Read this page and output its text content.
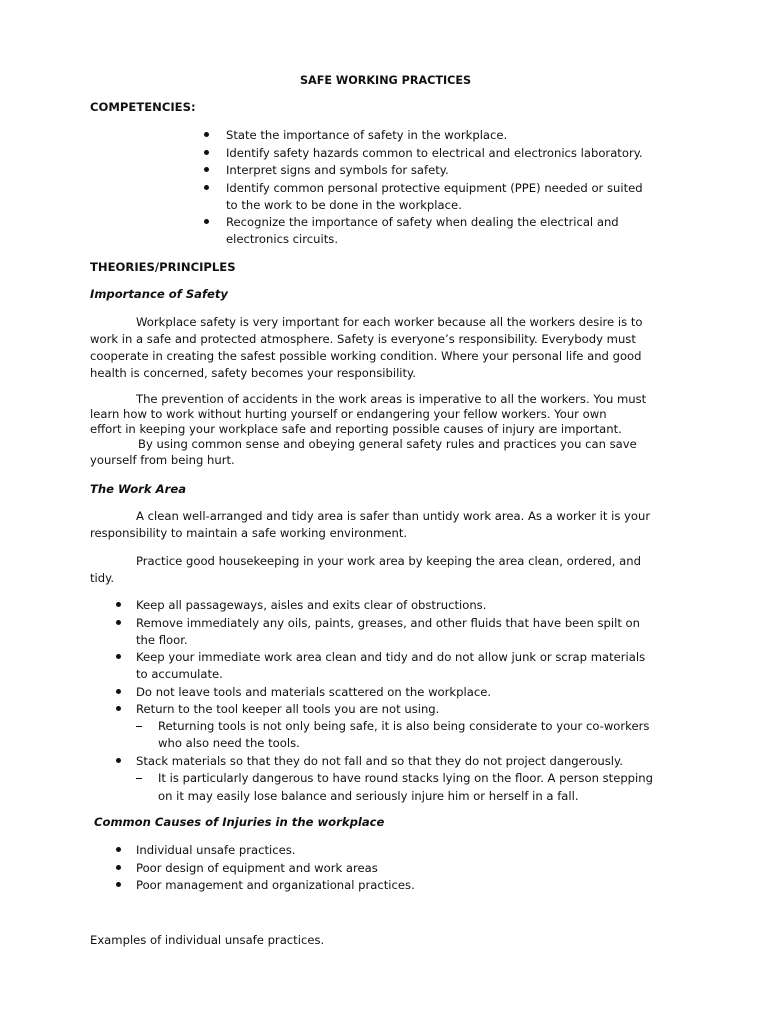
SAFE WORKING PRACTICES
COMPETENCIES:
State the importance of safety in the workplace.
Identify safety hazards common to electrical and electronics laboratory.
Interpret signs and symbols for safety.
Identify common personal protective equipment (PPE) needed or suited
to the work to be done in the workplace.
Recognize the importance of safety when dealing the electrical and
electronics circuits.
THEORIES/PRINCIPLES
Importance of Safety
Workplace safety is very important for each worker because all the workers desire is to
work in a safe and protected atmosphere. Safety is everyone’s responsibility. Everybody must
cooperate in creating the safest possible working condition. Where your personal life and good
health is concerned, safety becomes your responsibility.
The prevention of accidents in the work areas is imperative to all the workers. You must
learn how to work without hurting yourself or endangering your fellow workers. Your own
effort in keeping your workplace safe and reporting possible causes of injury are important.
By using common sense and obeying general safety rules and practices you can save
yourself from being hurt.
The Work Area
A clean well-arranged and tidy area is safer than untidy work area. As a worker it is your
responsibility to maintain a safe working environment.
Practice good housekeeping in your work area by keeping the area clean, ordered, and
tidy.
Keep all passageways, aisles and exits clear of obstructions.
Remove immediately any oils, paints, greases, and other fluids that have been spilt on
the floor.
Keep your immediate work area clean and tidy and do not allow junk or scrap materials
to accumulate.
Do not leave tools and materials scattered on the workplace.
Return to the tool keeper all tools you are not using.
Returning tools is not only being safe, it is also being considerate to your co-workers
who also need the tools.
Stack materials so that they do not fall and so that they do not project dangerously.
It is particularly dangerous to have round stacks lying on the floor. A person stepping
on it may easily lose balance and seriously injure him or herself in a fall.
Common Causes of Injuries in the workplace
Individual unsafe practices.
Poor design of equipment and work areas
Poor management and organizational practices.
Examples of individual unsafe practices.
